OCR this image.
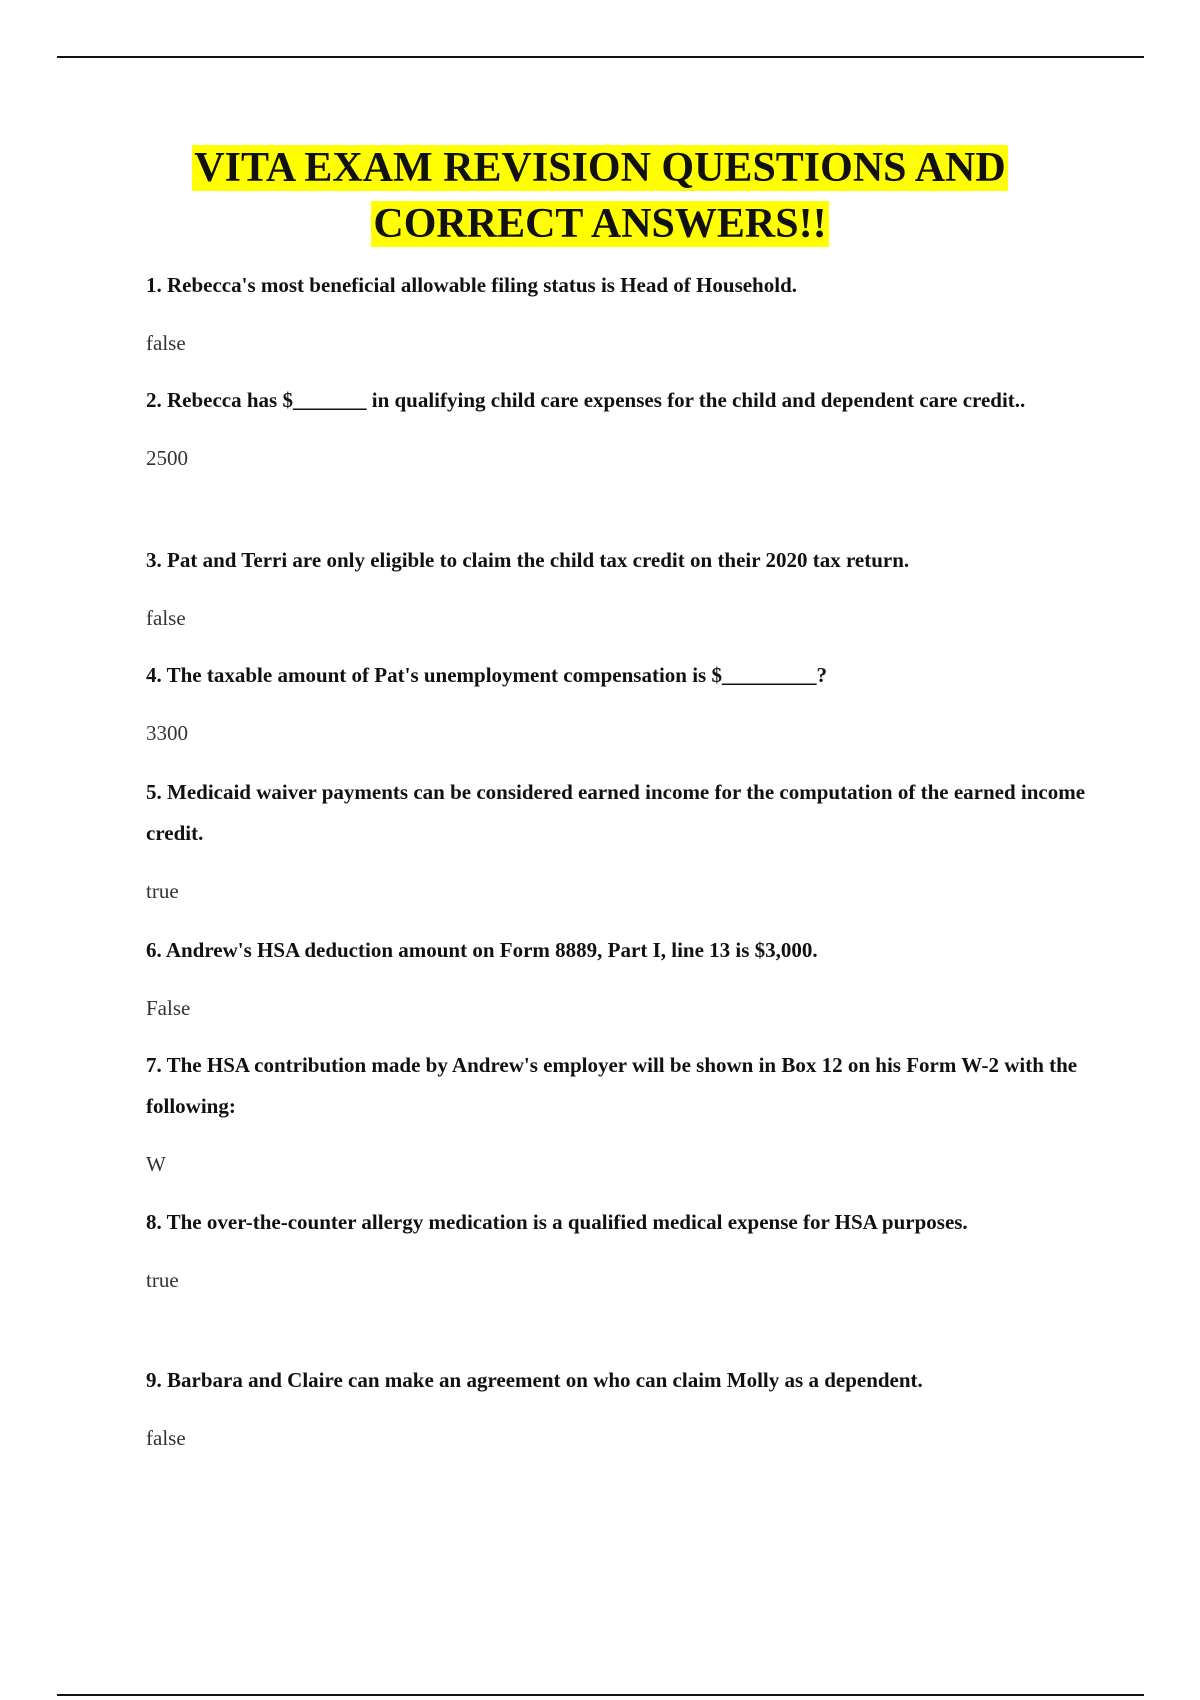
VITA EXAM REVISION QUESTIONS AND
CORRECT ANSWERS!!

1. Rebecca's most beneficial allowable filing status is Head of Household.

false

2. Rebecca has $_______ in qualifying child care expenses for the child and dependent care credit..

2500

3. Pat and Terri are only eligible to claim the child tax credit on their 2020 tax return.

false

4. The taxable amount of Pat's unemployment compensation is $_________?

3300

5. Medicaid waiver payments can be considered earned income for the computation of the earned income credit.

true

6. Andrew's HSA deduction amount on Form 8889, Part I, line 13 is $3,000.

False

7. The HSA contribution made by Andrew's employer will be shown in Box 12 on his Form W-2 with the following:

W

8. The over-the-counter allergy medication is a qualified medical expense for HSA purposes.

true

9. Barbara and Claire can make an agreement on who can claim Molly as a dependent.

false
